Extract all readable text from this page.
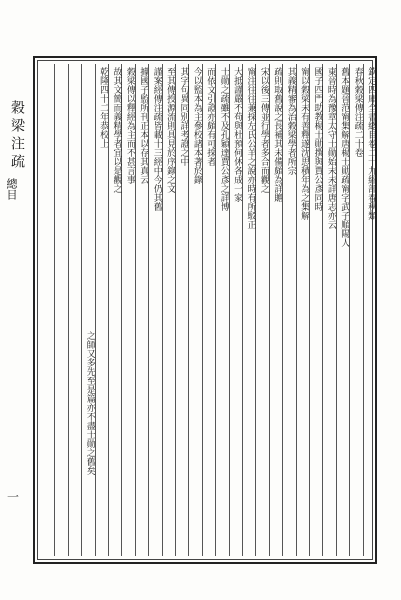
穀梁注疏
總目
一
欽定四庫全書總目卷二十九經部春秋類
春秋穀梁傳注疏二十卷
舊本題晉范甯集解唐楊士勛疏甯字武子順陽人
東晉時為豫章太守士勛始末未詳唐志亦云
國子四門助教楊士勛撰與賈公彥同時
甯以穀梁未有善釋遂沈思積年為之集解
其義精審為治穀梁學者所宗
疏則取舊說之長補其未備頗為詳贍
宋以後三傳並行學者多合而觀之
甯注往往兼採左氏公羊之說亦時有所駁正
大抵謹嚴不苟與杜預何休各成一家
士勛之疏雖不及孔穎達賈公彥之詳博
而依文引證亦頗有可採者
今以監本為主參校諸本著於錄
其字句異同别詳考證之中
至其傳授源流則具見於序錄之文
謹案經傳注疏皆載十三經中今仍其舊
據國子監所刊正本以存其真云
穀梁傳以釋經為主而不甚言事
故其文簡而義精學者宜以是觀之
乾隆四十二年恭校上
之師又多先至是篇亦不盡士勛之舊矣
